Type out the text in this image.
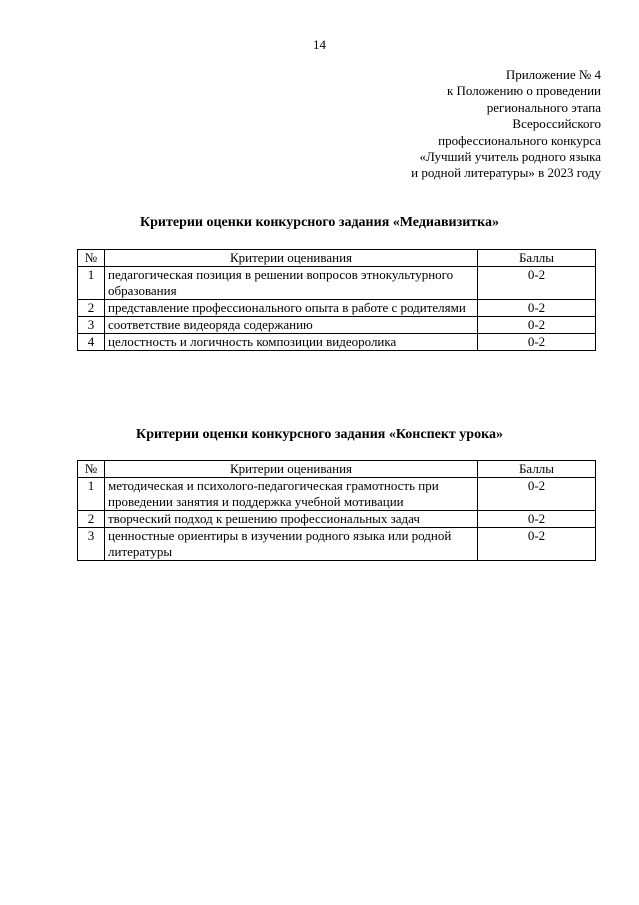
14
Приложение № 4
к Положению о проведении
регионального этапа
Всероссийского
профессионального конкурса
«Лучший учитель родного языка
и родной литературы» в 2023 году
Критерии оценки конкурсного задания «Медиавизитка»
№	Критерии оценивания	Баллы
1	педагогическая позиция в решении вопросов этнокультурного образования	0-2
2	представление профессионального опыта в работе с родителями	0-2
3	соответствие видеоряда содержанию	0-2
4	целостность и логичность композиции видеоролика	0-2
Критерии оценки конкурсного задания «Конспект урока»
№	Критерии оценивания	Баллы
1	методическая и психолого-педагогическая грамотность при проведении занятия и поддержка учебной мотивации	0-2
2	творческий подход к решению профессиональных задач	0-2
3	ценностные ориентиры в изучении родного языка или родной литературы	0-2
